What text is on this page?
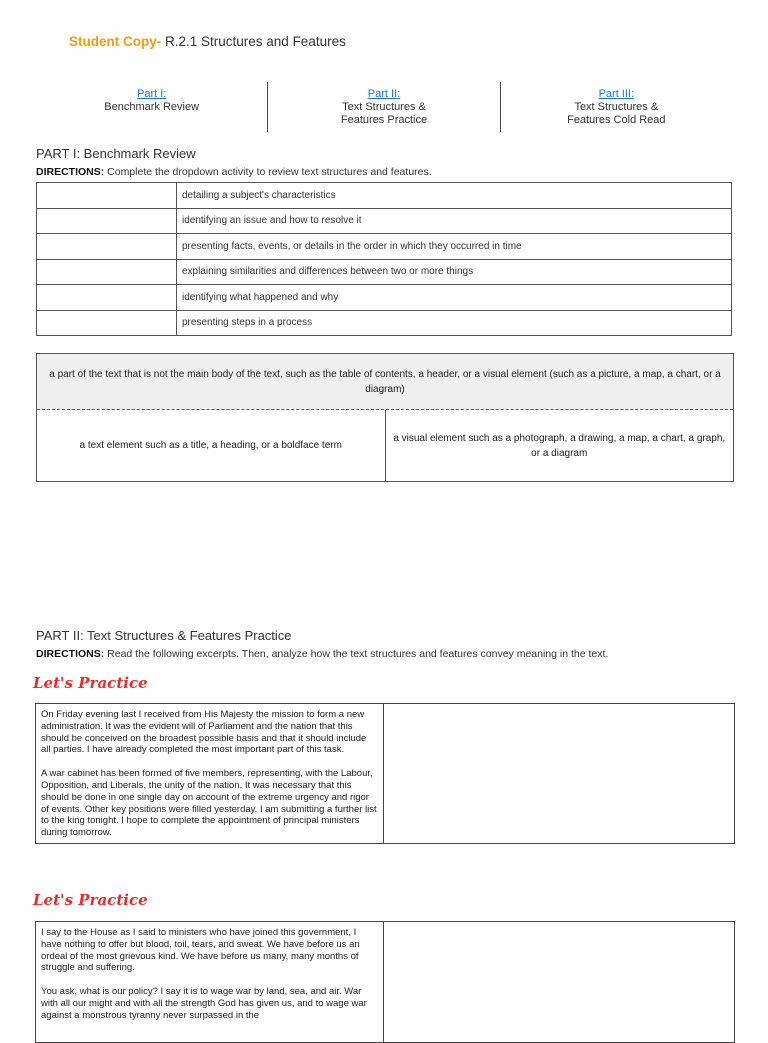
Student Copy- R.2.1 Structures and Features
Part I:
Benchmark Review
Part II:
Text Structures &
Features Practice
Part III:
Text Structures &
Features Cold Read
PART I: Benchmark Review
DIRECTIONS: Complete the dropdown activity to review text structures and features.
	detailing a subject's characteristics
	identifying an issue and how to resolve it
	presenting facts, events, or details in the order in which they occurred in time
	explaining similarities and differences between two or more things
	identifying what happened and why
	presenting steps in a process
a part of the text that is not the main body of the text, such as the table of contents, a header, or a visual element (such as a picture, a map, a chart, or a diagram)
a text element such as a title, a heading, or a boldface term
a visual element such as a photograph, a drawing, a map, a chart, a graph, or a diagram
PART II: Text Structures & Features Practice
DIRECTIONS: Read the following excerpts. Then, analyze how the text structures and features convey meaning in the text.
Let's Practice

On Friday evening last I received from His Majesty the mission to form a new administration. It was the evident will of Parliament and the nation that this should be conceived on the broadest possible basis and that it should include all parties. I have already completed the most important part of this task.

A war cabinet has been formed of five members, representing, with the Labour, Opposition, and Liberals, the unity of the nation. It was necessary that this should be done in one single day on account of the extreme urgency and rigor of events. Other key positions were filled yesterday. I am submitting a further list to the king tonight. I hope to complete the appointment of principal ministers during tomorrow.

Let's Practice

I say to the House as I said to ministers who have joined this government, I have nothing to offer but blood, toil, tears, and sweat. We have before us an ordeal of the most grievous kind. We have before us many, many months of struggle and suffering.

You ask, what is our policy? I say it is to wage war by land, sea, and air. War with all our might and with all the strength God has given us, and to wage war against a monstrous tyranny never surpassed in the
